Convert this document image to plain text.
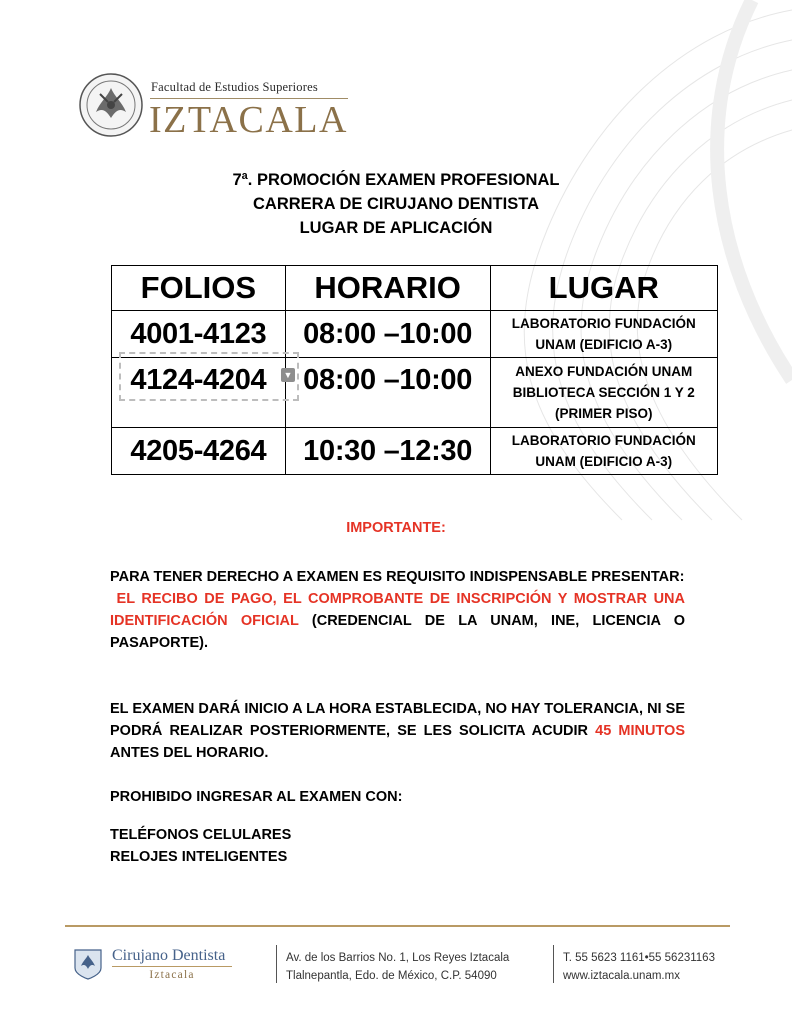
Facultad de Estudios Superiores
IZTACALA
7ª. PROMOCIÓN EXAMEN PROFESIONAL
CARRERA DE CIRUJANO DENTISTA
LUGAR DE APLICACIÓN
FOLIOS	HORARIO	LUGAR
4001-4123	08:00 –10:00	LABORATORIO FUNDACIÓN
UNAM (EDIFICIO A-3)

4124-4204	08:00 –10:00	ANEXO FUNDACIÓN UNAM
BIBLIOTECA SECCIÓN 1 Y 2
(PRIMER PISO)

4205-4264	10:30 –12:30	LABORATORIO FUNDACIÓN
UNAM (EDIFICIO A-3)
▼
IMPORTANTE:
PARA TENER DERECHO A EXAMEN ES REQUISITO INDISPENSABLE PRESENTAR:
EL RECIBO DE PAGO, EL COMPROBANTE DE INSCRIPCIÓN Y MOSTRAR UNA IDENTIFICACIÓN OFICIAL (CREDENCIAL DE LA UNAM, INE, LICENCIA O PASAPORTE).
EL EXAMEN DARÁ INICIO A LA HORA ESTABLECIDA, NO HAY TOLERANCIA, NI SE PODRÁ REALIZAR POSTERIORMENTE, SE LES SOLICITA ACUDIR 45 MINUTOS ANTES DEL HORARIO.
PROHIBIDO INGRESAR AL EXAMEN CON:
TELÉFONOS CELULARES
RELOJES INTELIGENTES
Cirujano Dentista
Iztacala
Av. de los Barrios No. 1, Los Reyes Iztacala
Tlalnepantla, Edo. de México, C.P. 54090
T. 55 5623 1161•55 56231163
www.iztacala.unam.mx
